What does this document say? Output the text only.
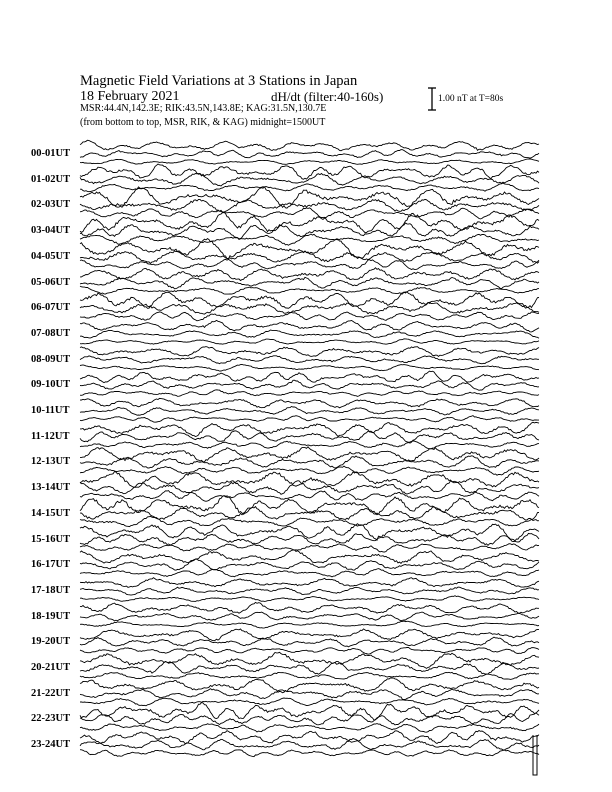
Magnetic Field Variations at 3 Stations in Japan
18 February 2021	dH/dt (filter:40-160s)
MSR:44.4N,142.3E; RIK:43.5N,143.8E; KAG:31.5N,130.7E
(from bottom to top, MSR, RIK, & KAG) midnight=1500UT
1.00 nT at T=80s
00-01UT
01-02UT
02-03UT
03-04UT
04-05UT
05-06UT
06-07UT
07-08UT
08-09UT
09-10UT
10-11UT
11-12UT
12-13UT
13-14UT
14-15UT
15-16UT
16-17UT
17-18UT
18-19UT
19-20UT
20-21UT
21-22UT
22-23UT
23-24UT
